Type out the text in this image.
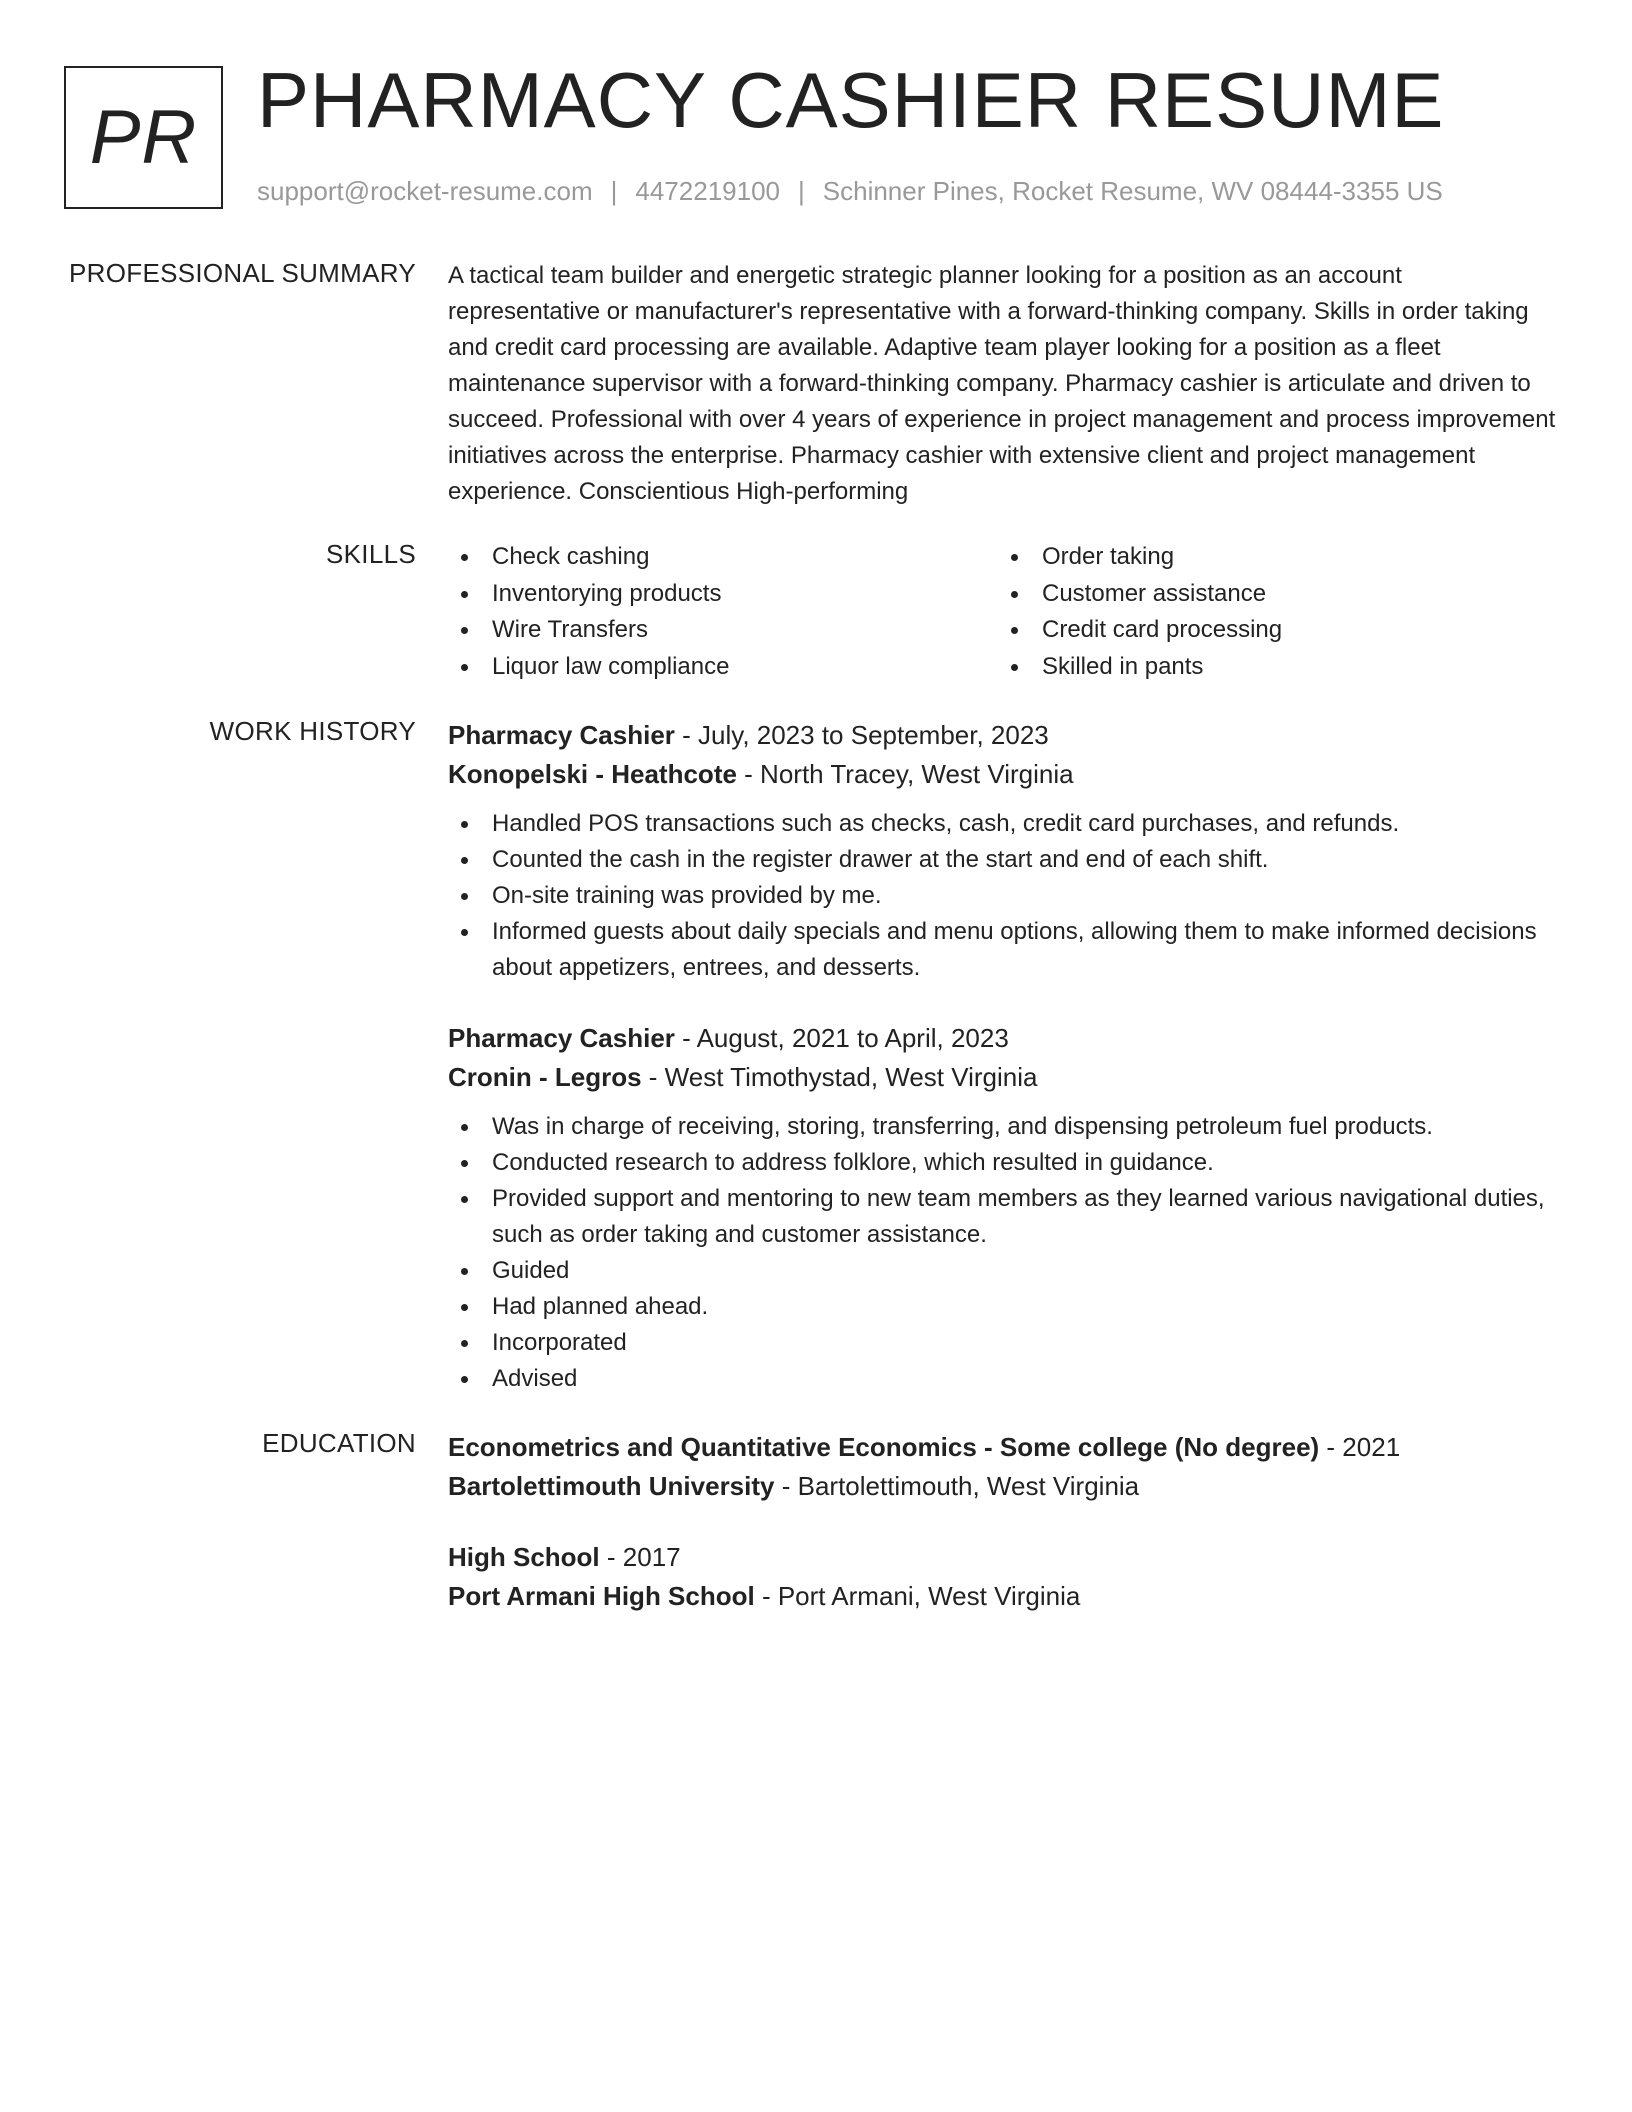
PR PHARMACY CASHIER RESUME
support@rocket-resume.com | 4472219100 | Schinner Pines, Rocket Resume, WV 08444-3355 US
PROFESSIONAL SUMMARY A tactical team builder and energetic strategic planner looking for a position as an account representative or manufacturer's representative with a forward-thinking company. Skills in order taking and credit card processing are available. Adaptive team player looking for a position as a fleet maintenance supervisor with a forward-thinking company. Pharmacy cashier is articulate and driven to succeed. Professional with over 4 years of experience in project management and process improvement initiatives across the enterprise. Pharmacy cashier with extensive client and project management experience. Conscientious High-performing

SKILLS	Check cashing
Inventorying products
Wire Transfers
Liquor law compliance
Order taking
Customer assistance
Credit card processing
Skilled in pants
WORK HISTORY Pharmacy Cashier - July, 2023 to September, 2023
Konopelski - Heathcote - North Tracey, West Virginia
Handled POS transactions such as checks, cash, credit card purchases, and refunds.
Counted the cash in the register drawer at the start and end of each shift.
On-site training was provided by me.
Informed guests about daily specials and menu options, allowing them to make informed decisions about appetizers, entrees, and desserts.
Pharmacy Cashier - August, 2021 to April, 2023
Cronin - Legros - West Timothystad, West Virginia
Was in charge of receiving, storing, transferring, and dispensing petroleum fuel products.
Conducted research to address folklore, which resulted in guidance.
Provided support and mentoring to new team members as they learned various navigational duties, such as order taking and customer assistance.
Guided
Had planned ahead.
Incorporated
Advised
EDUCATION Econometrics and Quantitative Economics - Some college (No degree) - 2021
Bartolettimouth University - Bartolettimouth, West Virginia
High School - 2017
Port Armani High School - Port Armani, West Virginia
